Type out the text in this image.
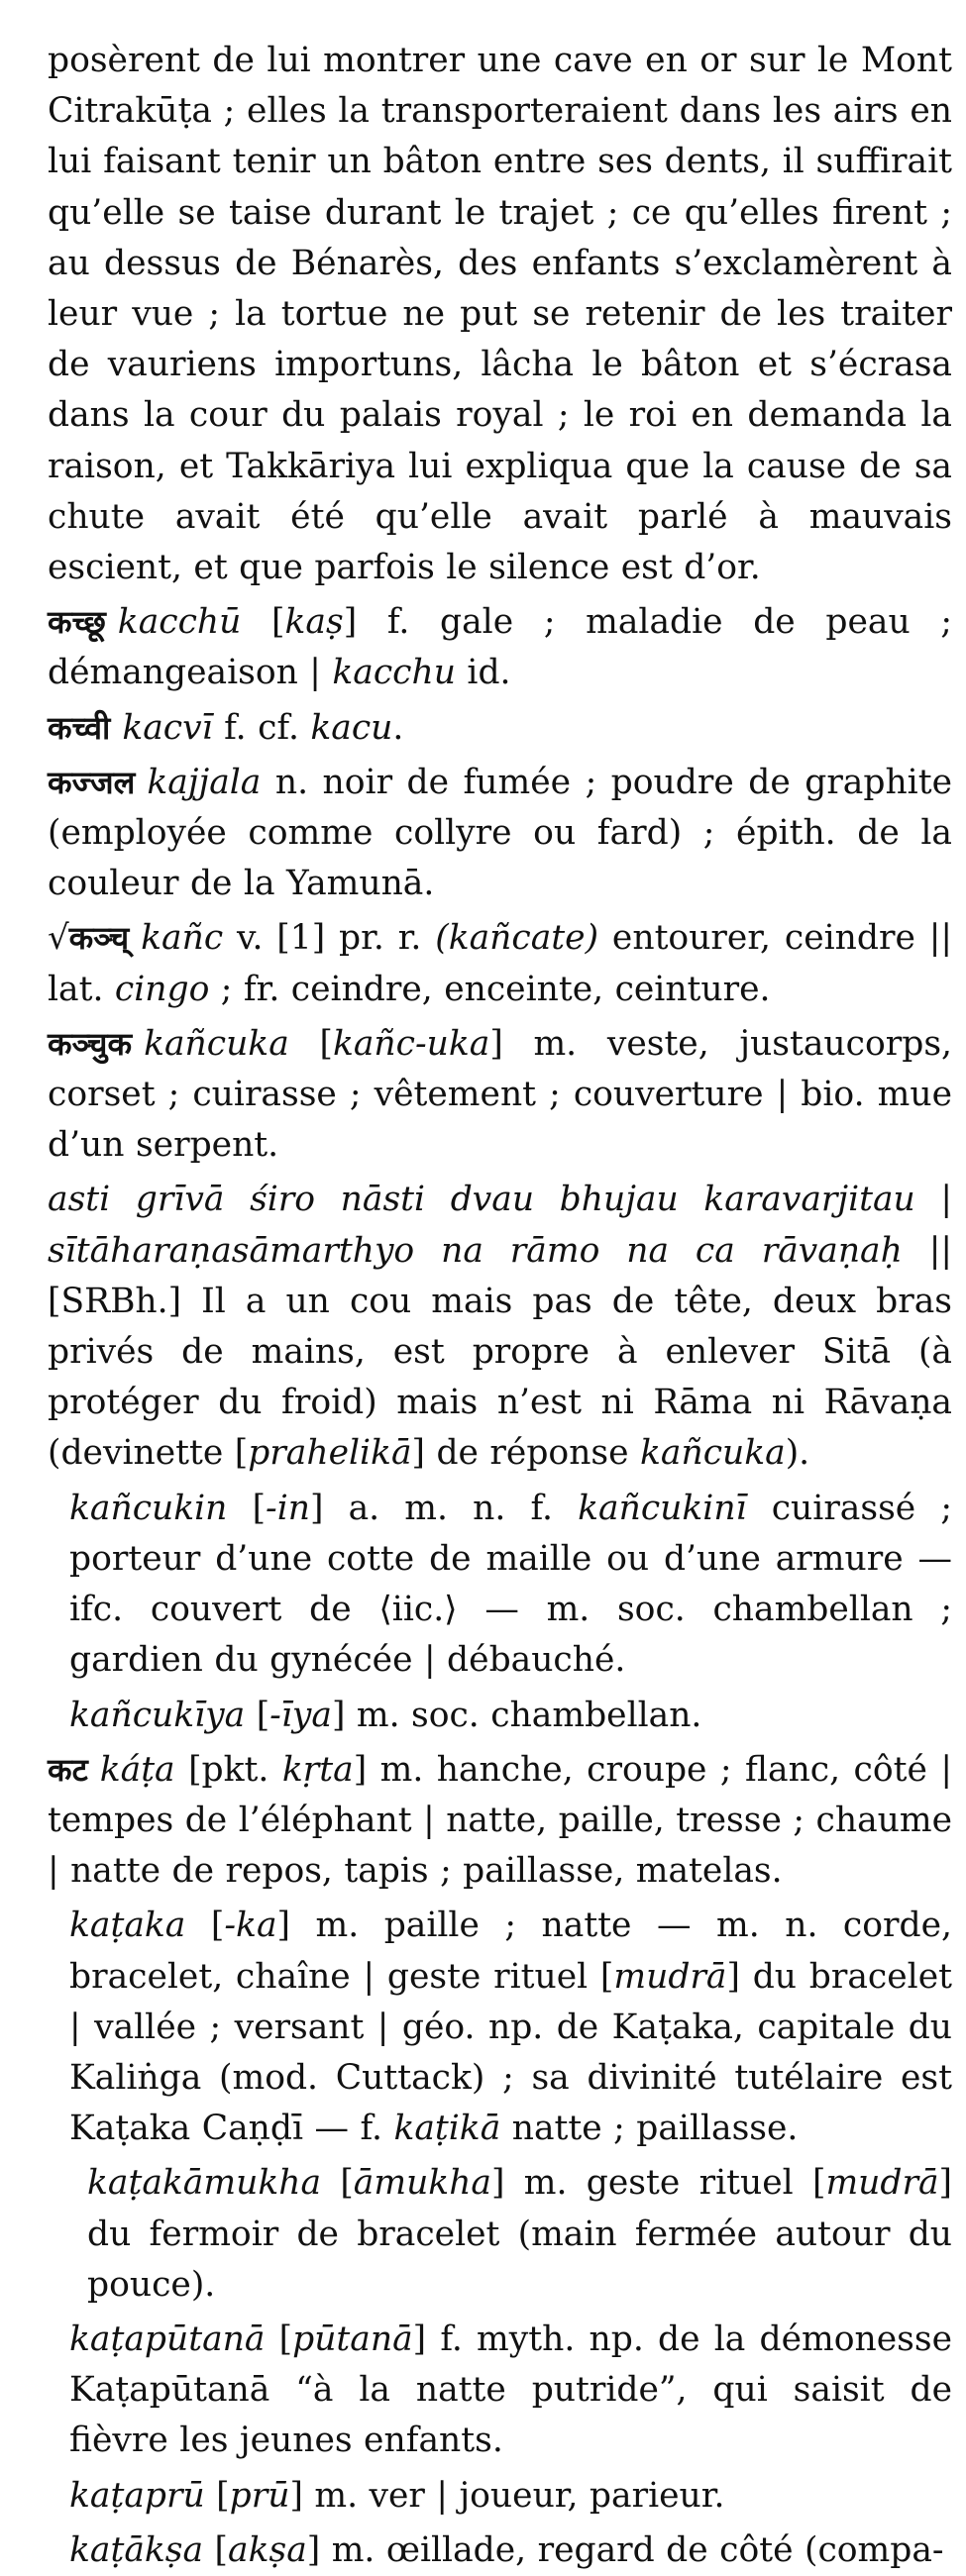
posèrent de lui montrer une cave en or sur le Mont Citrakūṭa ; elles la transporteraient dans les airs en lui faisant tenir un bâton entre ses dents, il suffirait qu’elle se taise durant le trajet ; ce qu’elles firent ; au dessus de Bénarès, des enfants s’exclamèrent à leur vue ; la tortue ne put se retenir de les traiter de vauriens importuns, lâcha le bâton et s’écrasa dans la cour du palais royal ; le roi en demanda la raison, et Takkāriya lui expliqua que la cause de sa chute avait été qu’elle avait parlé à mauvais escient, et que parfois le silence est d’or.

कच्छू kacchū [kaṣ] f. gale ; maladie de peau ; démangeaison | kacchu id.

कच्वी kacvī f. cf. kacu.

कज्जल kajjala n. noir de fumée ; poudre de graphite (employée comme collyre ou fard) ; épith. de la couleur de la Yamunā.

√कञ्च् kañc v. [1] pr. r. (kañcate) entourer, ceindre || lat. cingo ; fr. ceindre, enceinte, ceinture.

कञ्चुक kañcuka [kañc-uka] m. veste, justaucorps, corset ; cuirasse ; vêtement ; couverture | bio. mue d’un serpent.

asti grīvā śiro nāsti dvau bhujau karavarjitau | sītāharaṇasāmarthyo na rāmo na ca rāvaṇaḥ || [SRBh.] Il a un cou mais pas de tête, deux bras privés de mains, est propre à enlever Sitā (à protéger du froid) mais n’est ni Rāma ni Rāvaṇa (devinette [prahelikā] de réponse kañcuka).

kañcukin [-in] a. m. n. f. kañcukinī cuirassé ; porteur d’une cotte de maille ou d’une armure — ifc. couvert de ⟨iic.⟩ — m. soc. chambellan ; gardien du gynécée | débauché.

kañcukīya [-īya] m. soc. chambellan.

कट káṭa [pkt. kṛta] m. hanche, croupe ; flanc, côté | tempes de l’éléphant | natte, paille, tresse ; chaume | natte de repos, tapis ; paillasse, matelas.

kaṭaka [-ka] m. paille ; natte — m. n. corde, bracelet, chaîne | geste rituel [mudrā] du bracelet | vallée ; versant | géo. np. de Kaṭaka, capitale du Kaliṅga (mod. Cuttack) ; sa divinité tutélaire est Kaṭaka Caṇḍī — f. kaṭikā natte ; paillasse.

kaṭakāmukha [āmukha] m. geste rituel [mudrā] du fermoir de bracelet (main fermée autour du pouce).

kaṭapūtanā [pūtanā] f. myth. np. de la démonesse Kaṭapūtanā “à la natte putride”, qui saisit de fièvre les jeunes enfants.

kaṭaprū [prū] m. ver | joueur, parieur.

kaṭākṣa [akṣa] m. œillade, regard de côté (compa-
